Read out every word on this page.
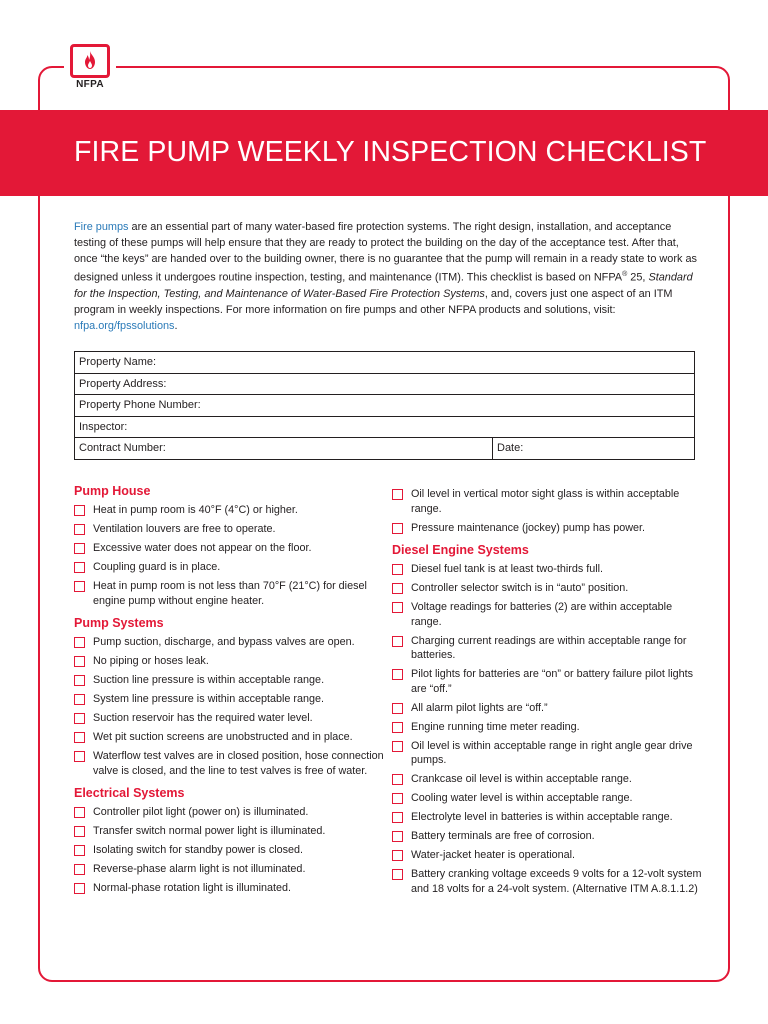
NFPA
FIRE PUMP WEEKLY INSPECTION CHECKLIST

Fire pumps are an essential part of many water-based fire protection systems. The right design, installation, and acceptance testing of these pumps will help ensure that they are ready to protect the building on the day of the acceptance test. After that, once “the keys” are handed over to the building owner, there is no guarantee that the pump will remain in a ready state to work as designed unless it undergoes routine inspection, testing, and maintenance (ITM). This checklist is based on NFPA® 25, Standard for the Inspection, Testing, and Maintenance of Water-Based Fire Protection Systems, and, covers just one aspect of an ITM program in weekly inspections. For more information on fire pumps and other NFPA products and solutions, visit: nfpa.org/fpssolutions.

Property Name:
Property Address:
Property Phone Number:
Inspector:
Contract Number:	Date:
Pump House
Heat in pump room is 40°F (4°C) or higher.
Ventilation louvers are free to operate.
Excessive water does not appear on the floor.
Coupling guard is in place.
Heat in pump room is not less than 70°F (21°C) for diesel engine pump without engine heater.
Pump Systems
Pump suction, discharge, and bypass valves are open.
No piping or hoses leak.
Suction line pressure is within acceptable range.
System line pressure is within acceptable range.
Suction reservoir has the required water level.
Wet pit suction screens are unobstructed and in place.
Waterflow test valves are in closed position, hose connection valve is closed, and the line to test valves is free of water.
Electrical Systems
Controller pilot light (power on) is illuminated.
Transfer switch normal power light is illuminated.
Isolating switch for standby power is closed.
Reverse-phase alarm light is not illuminated.
Normal-phase rotation light is illuminated.
Oil level in vertical motor sight glass is within acceptable range.
Pressure maintenance (jockey) pump has power.
Diesel Engine Systems
Diesel fuel tank is at least two-thirds full.
Controller selector switch is in “auto” position.
Voltage readings for batteries (2) are within acceptable range.
Charging current readings are within acceptable range for batteries.
Pilot lights for batteries are “on” or battery failure pilot lights are “off.”
All alarm pilot lights are “off.”
Engine running time meter reading.
Oil level is within acceptable range in right angle gear drive pumps.
Crankcase oil level is within acceptable range.
Cooling water level is within acceptable range.
Electrolyte level in batteries is within acceptable range.
Battery terminals are free of corrosion.
Water-jacket heater is operational.
Battery cranking voltage exceeds 9 volts for a 12-volt system and 18 volts for a 24-volt system. (Alternative ITM A.8.1.1.2)
